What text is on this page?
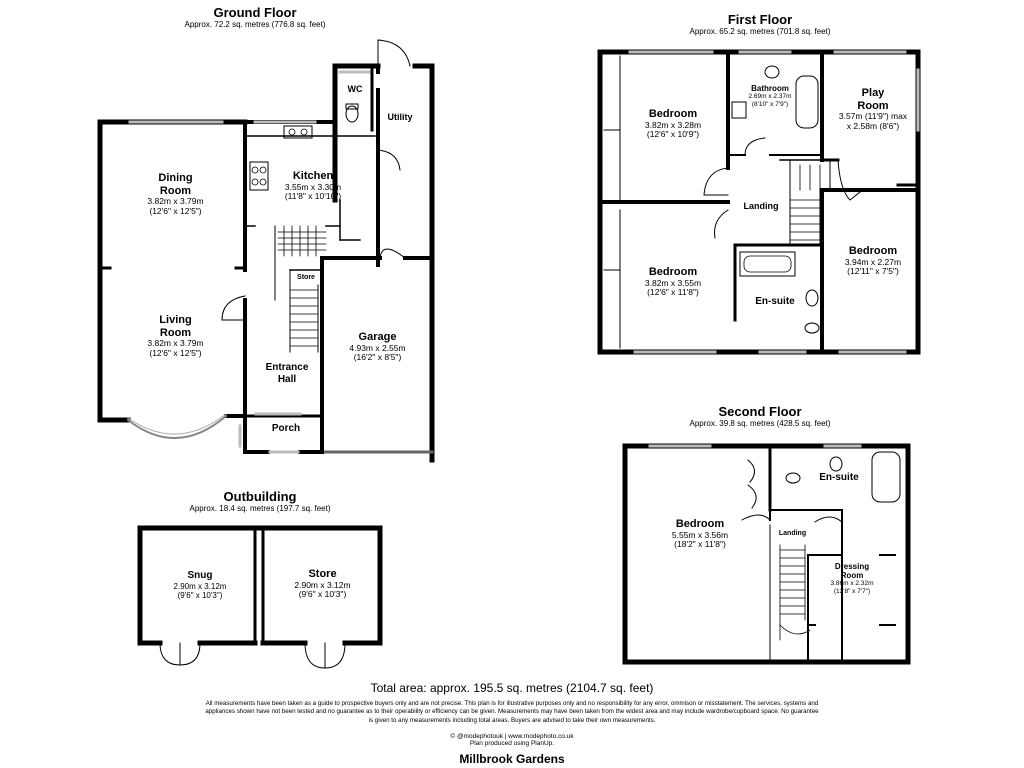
Ground Floor
Approx. 72.2 sq. metres (776.8 sq. feet)
Dining
Room
3.82m x 3.79m
(12'6" x 12'5")
Living
Room
3.82m x 3.79m
(12'6" x 12'5")
Kitchen
3.55m x 3.30m
(11'8" x 10'10")
WC
Utility
Store
Garage
4.93m x 2.55m
(16'2" x 8'5")
Entrance
Hall
Porch
First Floor
Approx. 65.2 sq. metres (701.8 sq. feet)
Bedroom
3.82m x 3.28m
(12'6" x 10'9")
Bathroom
2.69m x 2.37m
(8'10" x 7'9")
Play
Room
3.57m (11'9") max
x 2.58m (8'6")
Landing
Bedroom
3.82m x 3.55m
(12'6" x 11'8")
Bedroom
3.94m x 2.27m
(12'11" x 7'5")
En-suite
Second Floor
Approx. 39.8 sq. metres (428.5 sq. feet)
Bedroom
5.55m x 3.56m
(18'2" x 11'8")
En-suite
Landing
Dressing
Room
3.86m x 2.32m
(12'8" x 7'7")
Outbuilding
Approx. 18.4 sq. metres (197.7 sq. feet)
Snug
2.90m x 3.12m
(9'6" x 10'3")
Store
2.90m x 3.12m
(9'6" x 10'3")
Total area: approx. 195.5 sq. metres (2104.7 sq. feet)
All measurements have been taken as a guide to prospective buyers only and are not precise. This plan is for illustrative purposes only and no responsibility for any error, ommison or misstatement. The services, systems and
appliances shown have not been tested and no guarantee as to their operability or efficiency can be given. Measurements may have been taken from the widest area and may include wardrobe/cupboard space. No guarantee
is given to any measurements including total areas. Buyers are advised to take their own measurements.
© @modephotouk | www.modephoto.co.uk
Plan produced using PlanUp.
Millbrook Gardens
